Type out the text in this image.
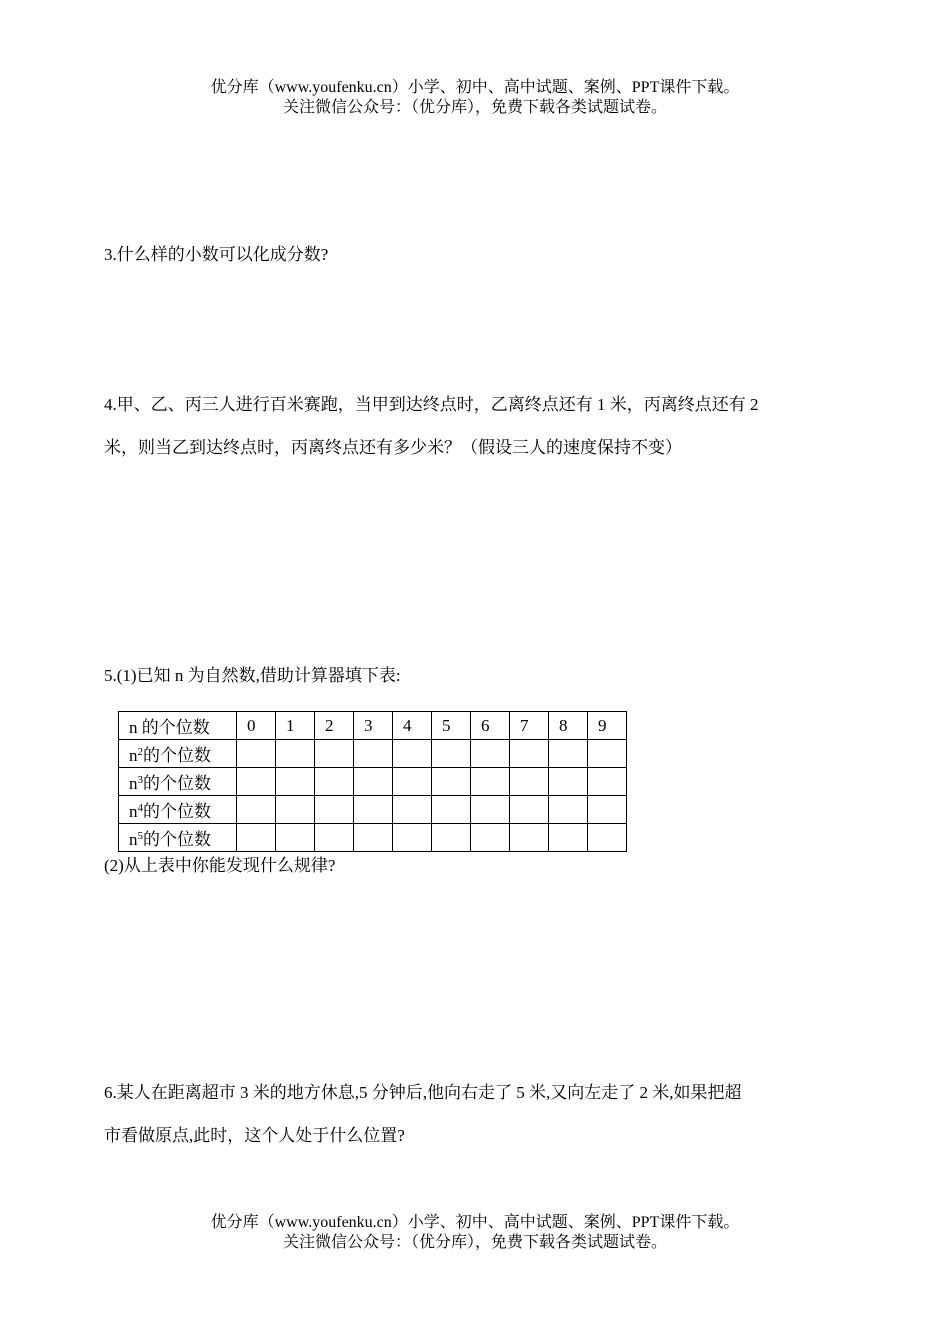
优分库（www.youfenku.cn）小学、初中、高中试题、案例、PPT课件下载。
关注微信公众号：（优分库），免费下载各类试题试卷。
3.什么样的小数可以化成分数?
4.甲、乙、丙三人进行百米赛跑，当甲到达终点时，乙离终点还有 1 米，丙离终点还有 2
米，则当乙到达终点时，丙离终点还有多少米？（假设三人的速度保持不变）
5.(1)已知 n 为自然数,借助计算器填下表:
n 的个位数	0	1	2	3	4	5	6	7	8	9
$n^2$的个位数										
$n^3$的个位数										
$n^4$的个位数										
$n^5$的个位数										
(2)从上表中你能发现什么规律?
6.某人在距离超市 3 米的地方休息,5 分钟后,他向右走了 5 米,又向左走了 2 米,如果把超
市看做原点,此时，这个人处于什么位置?
优分库（www.youfenku.cn）小学、初中、高中试题、案例、PPT课件下载。
关注微信公众号：（优分库），免费下载各类试题试卷。
